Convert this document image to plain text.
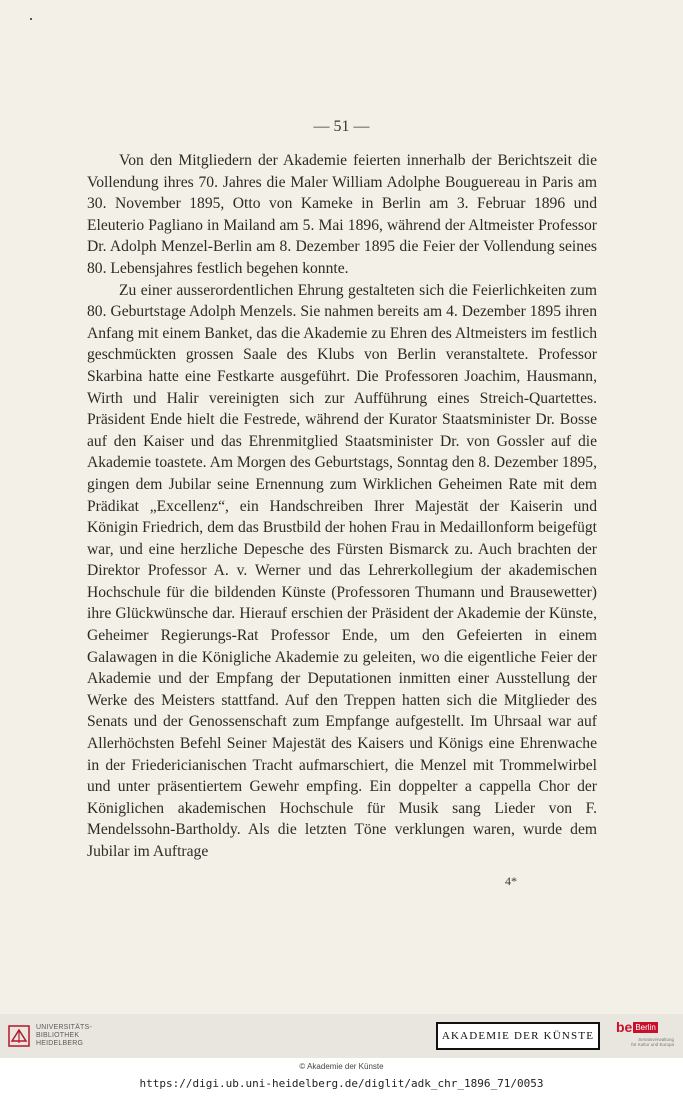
— 51 —

Von den Mitgliedern der Akademie feierten innerhalb der Berichtszeit die Vollendung ihres 70. Jahres die Maler William Adolphe Bouguereau in Paris am 30. November 1895, Otto von Kameke in Berlin am 3. Februar 1896 und Eleuterio Pagliano in Mailand am 5. Mai 1896, während der Altmeister Professor Dr. Adolph Menzel-Berlin am 8. Dezember 1895 die Feier der Vollendung seines 80. Lebensjahres festlich begehen konnte.

Zu einer ausserordentlichen Ehrung gestalteten sich die Feierlichkeiten zum 80. Geburtstage Adolph Menzels. Sie nahmen bereits am 4. Dezember 1895 ihren Anfang mit einem Banket, das die Akademie zu Ehren des Altmeisters im festlich geschmückten grossen Saale des Klubs von Berlin veranstaltete. Professor Skarbina hatte eine Festkarte ausgeführt. Die Professoren Joachim, Hausmann, Wirth und Halir vereinigten sich zur Aufführung eines Streich-Quartettes. Präsident Ende hielt die Festrede, während der Kurator Staatsminister Dr. Bosse auf den Kaiser und das Ehrenmitglied Staatsminister Dr. von Gossler auf die Akademie toastete. Am Morgen des Geburtstags, Sonntag den 8. Dezember 1895, gingen dem Jubilar seine Ernennung zum Wirklichen Geheimen Rate mit dem Prädikat „Excellenz“, ein Handschreiben Ihrer Majestät der Kaiserin und Königin Friedrich, dem das Brustbild der hohen Frau in Medaillonform beigefügt war, und eine herzliche Depesche des Fürsten Bismarck zu. Auch brachten der Direktor Professor A. v. Werner und das Lehrerkollegium der akademischen Hochschule für die bildenden Künste (Professoren Thumann und Brausewetter) ihre Glückwünsche dar. Hierauf erschien der Präsident der Akademie der Künste, Geheimer Regierungs-Rat Professor Ende, um den Gefeierten in einem Galawagen in die Königliche Akademie zu geleiten, wo die eigentliche Feier der Akademie und der Empfang der Deputationen inmitten einer Ausstellung der Werke des Meisters stattfand. Auf den Treppen hatten sich die Mitglieder des Senats und der Genossenschaft zum Empfange aufgestellt. Im Uhrsaal war auf Allerhöchsten Befehl Seiner Majestät des Kaisers und Königs eine Ehrenwache in der Friedericianischen Tracht aufmarschiert, die Menzel mit Trommelwirbel und unter präsentiertem Gewehr empfing. Ein doppelter a cappella Chor der Königlichen akademischen Hochschule für Musik sang Lieder von F. Mendelssohn-Bartholdy. Als die letzten Töne verklungen waren, wurde dem Jubilar im Auftrage

4*
UNIVERSITÄTS-
BIBLIOTHEK
HEIDELBERG
AKADEMIE DER KÜNSTE
be Berlin
Senatsverwaltung
für Kultur und Europa
© Akademie der Künste
https://digi.ub.uni-heidelberg.de/diglit/adk_chr_1896_71/0053
